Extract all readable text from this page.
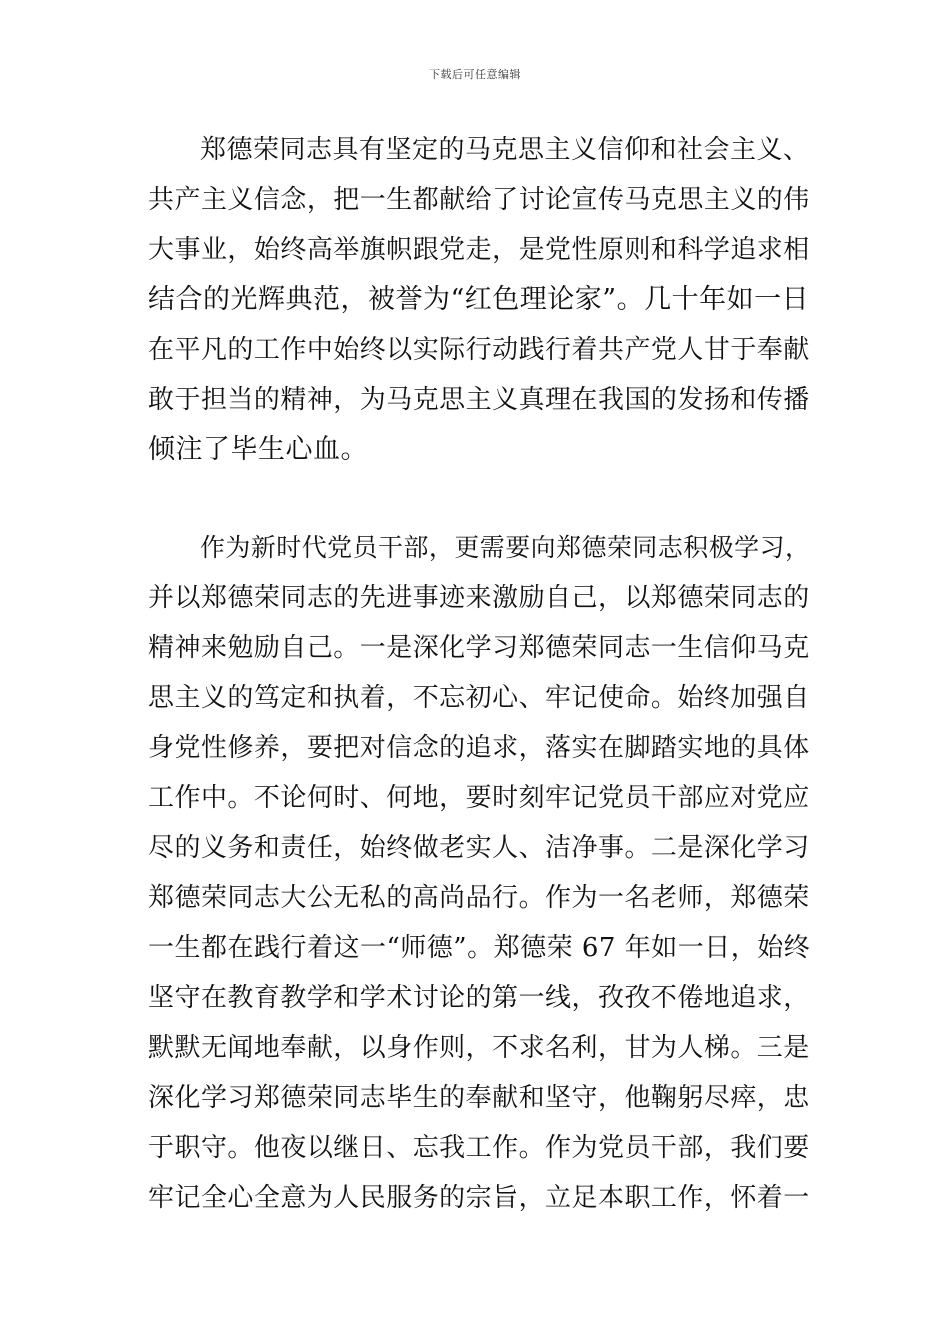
下载后可任意编辑
郑德荣同志具有坚定的马克思主义信仰和社会主义、
共产主义信念，把一生都献给了讨论宣传马克思主义的伟
大事业，始终高举旗帜跟党走，是党性原则和科学追求相
结合的光辉典范，被誉为“红色理论家”。几十年如一日
在平凡的工作中始终以实际行动践行着共产党人甘于奉献
敢于担当的精神，为马克思主义真理在我国的发扬和传播
倾注了毕生心血。
作为新时代党员干部，更需要向郑德荣同志积极学习，
并以郑德荣同志的先进事迹来激励自己，以郑德荣同志的
精神来勉励自己。一是深化学习郑德荣同志一生信仰马克
思主义的笃定和执着，不忘初心、牢记使命。始终加强自
身党性修养，要把对信念的追求，落实在脚踏实地的具体
工作中。不论何时、何地，要时刻牢记党员干部应对党应
尽的义务和责任，始终做老实人、洁净事。二是深化学习
郑德荣同志大公无私的高尚品行。作为一名老师，郑德荣
一生都在践行着这一“师德”。郑德荣 67 年如一日，始终
坚守在教育教学和学术讨论的第一线，孜孜不倦地追求，
默默无闻地奉献，以身作则，不求名利，甘为人梯。三是
深化学习郑德荣同志毕生的奉献和坚守，他鞠躬尽瘁，忠
于职守。他夜以继日、忘我工作。作为党员干部，我们要
牢记全心全意为人民服务的宗旨，立足本职工作，怀着一
